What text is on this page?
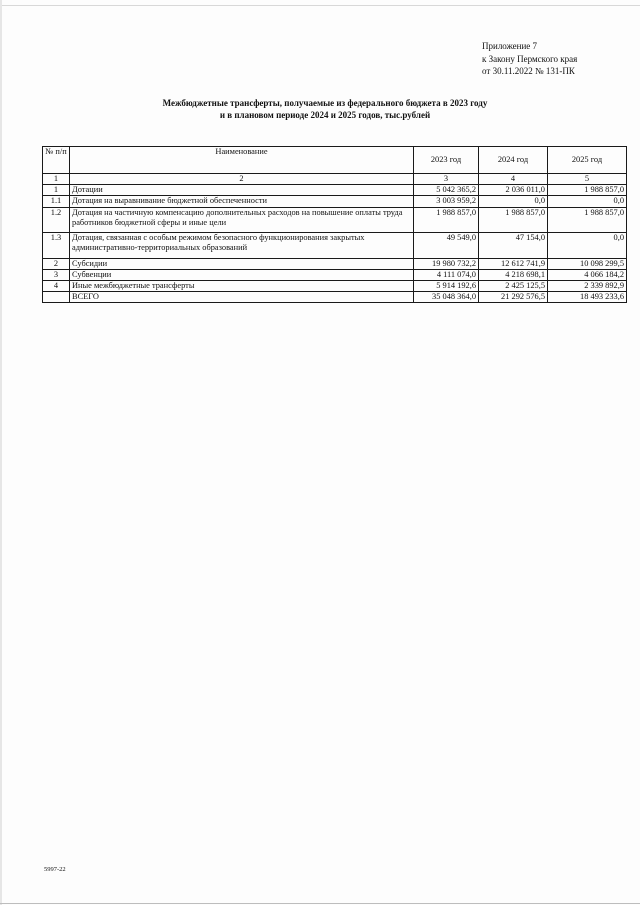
Приложение 7
к Закону Пермского края
от 30.11.2022 № 131-ПК
Межбюджетные трансферты, получаемые из федерального бюджета в 2023 году
и в плановом периоде 2024 и 2025 годов, тыс.рублей
№ п/п	Наименование	2023 год	2024 год	2025 год
1	2	3	4	5
1	Дотации	5 042 365,2	2 036 011,0	1 988 857,0
1.1	Дотация на выравнивание бюджетной обеспеченности	3 003 959,2	0,0	0,0
1.2	Дотация на частичную компенсацию дополнительных расходов на повышение оплаты труда работников бюджетной сферы и иные цели	1 988 857,0	1 988 857,0	1 988 857,0
1.3	Дотация, связанная с особым режимом безопасного функционирования закрытых административно-территориальных образований	49 549,0	47 154,0	0,0
2	Субсидии	19 980 732,2	12 612 741,9	10 098 299,5
3	Субвенции	4 111 074,0	4 218 698,1	4 066 184,2
4	Иные межбюджетные трансферты	5 914 192,6	2 425 125,5	2 339 892,9
	ВСЕГО	35 048 364,0	21 292 576,5	18 493 233,6
5997-22
